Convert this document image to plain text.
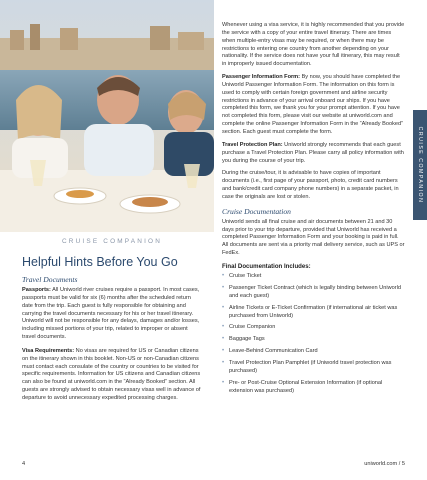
CRUISE COMPANION
Helpful Hints Before You Go
Travel Documents

Passports: All Uniworld river cruises require a passport. In most cases, passports must be valid for six (6) months after the scheduled return date from the trip. Each guest is fully responsible for obtaining and carrying the travel documents necessary for his or her travel itinerary. Uniworld will not be responsible for any delays, damages and/or losses, including missed portions of your trip, related to improper or absent travel documents.

Visa Requirements: No visas are required for US or Canadian citizens on the itinerary shown in this booklet. Non-US or non-Canadian citizens must contact each consulate of the country or countries to be visited for specific requirements. Information for US citizens and Canadian citizens can also be found at uniworld.com in the “Already Booked” section. All guests are strongly advised to obtain necessary visas well in advance of departure to avoid unnecessary expedited processing charges.

Whenever using a visa service, it is highly recommended that you provide the service with a copy of your entire travel itinerary. There are times when multiple-entry visas may be required, or when there may be restrictions to entering one country from another depending on your nationality. If the service does not have your full itinerary, this may result in improperly issued documentation.

Passenger Information Form: By now, you should have completed the Uniworld Passenger Information Form. The information on this form is used to comply with certain foreign government and airline security restrictions in advance of your arrival onboard our ships. If you have completed this form, we thank you for your prompt attention. If you have not completed this form, please visit our website at uniworld.com and complete the online Passenger Information Form in the “Already Booked” section. Each guest must complete the form.

Travel Protection Plan: Uniworld strongly recommends that each guest purchase a Travel Protection Plan. Please carry all policy information with you during the course of your trip.

During the cruise/tour, it is advisable to have copies of important documents (i.e., first page of your passport, photo, credit card numbers and bank/credit card company phone numbers) in a separate packet, in case the originals are lost or stolen.

Cruise Documentation

Uniworld sends all final cruise and air documents between 21 and 30 days prior to your trip departure, provided that Uniworld has received a completed Passenger Information Form and your booking is paid in full. All documents are sent via a priority mail delivery service, such as UPS or FedEx.

Final Documentation Includes:
• Cruise Ticket
• Passenger Ticket Contract (which is legally binding between Uniworld and each guest)
• Airline Tickets or E-Ticket Confirmation (if international air ticket was purchased from Uniworld)
• Cruise Companion
• Baggage Tags
• Leave-Behind Communication Card
• Travel Protection Plan Pamphlet (if Uniworld travel protection was purchased)
• Pre- or Post-Cruise Optional Extension Information (if optional extension was purchased)
CRUISE COMPANION
4	uniworld.com / 5
